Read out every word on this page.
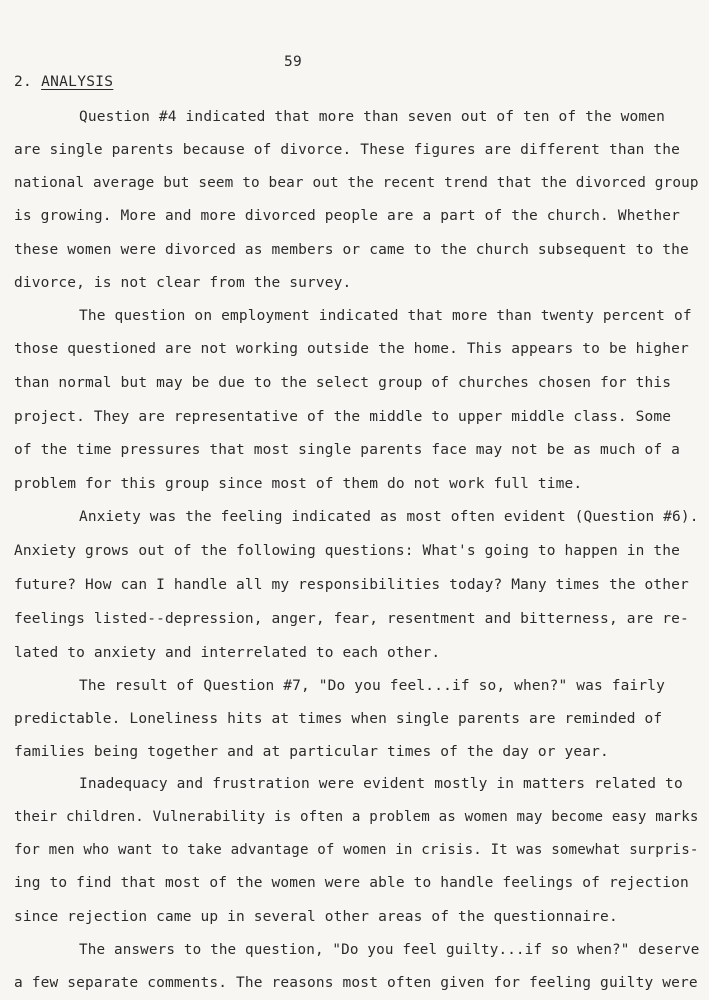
59
2. ANALYSIS
Question #4 indicated that more than seven out of ten of the women
are single parents because of divorce. These figures are different than the
national average but seem to bear out the recent trend that the divorced group
is growing. More and more divorced people are a part of the church. Whether
these women were divorced as members or came to the church subsequent to the
divorce, is not clear from the survey.
The question on employment indicated that more than twenty percent of
those questioned are not working outside the home. This appears to be higher
than normal but may be due to the select group of churches chosen for this
project. They are representative of the middle to upper middle class. Some
of the time pressures that most single parents face may not be as much of a
problem for this group since most of them do not work full time.
Anxiety was the feeling indicated as most often evident (Question #6).
Anxiety grows out of the following questions: What's going to happen in the
future? How can I handle all my responsibilities today? Many times the other
feelings listed--depression, anger, fear, resentment and bitterness, are re-
lated to anxiety and interrelated to each other.
The result of Question #7, "Do you feel...if so, when?" was fairly
predictable. Loneliness hits at times when single parents are reminded of
families being together and at particular times of the day or year.
Inadequacy and frustration were evident mostly in matters related to
their children. Vulnerability is often a problem as women may become easy marks
for men who want to take advantage of women in crisis. It was somewhat surpris-
ing to find that most of the women were able to handle feelings of rejection
since rejection came up in several other areas of the questionnaire.
The answers to the question, "Do you feel guilty...if so when?" deserve
a few separate comments. The reasons most often given for feeling guilty were
